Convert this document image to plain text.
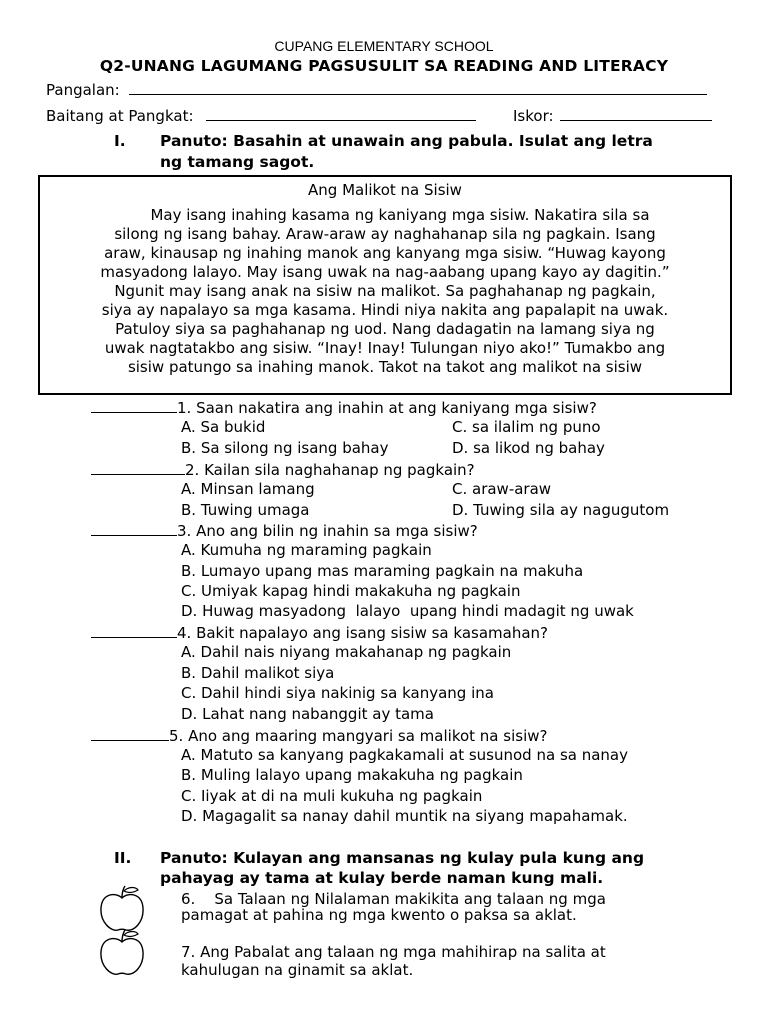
CUPANG ELEMENTARY SCHOOL
Q2-UNANG LAGUMANG PAGSUSULIT SA READING AND LITERACY
Pangalan:
Baitang at Pangkat:	Iskor:
I. Panuto: Basahin at unawain ang pabula. Isulat ang letra
ng tamang sagot.
Ang Malikot na Sisiw
May isang inahing kasama ng kaniyang mga sisiw. Nakatira sila sa
silong ng isang bahay. Araw-araw ay naghahanap sila ng pagkain. Isang
araw, kinausap ng inahing manok ang kanyang mga sisiw. “Huwag kayong
masyadong lalayo. May isang uwak na nag-aabang upang kayo ay dagitin.”
Ngunit may isang anak na sisiw na malikot. Sa paghahanap ng pagkain,
siya ay napalayo sa mga kasama. Hindi niya nakita ang papalapit na uwak.
Patuloy siya sa paghahanap ng uod. Nang dadagatin na lamang siya ng
uwak nagtatakbo ang sisiw. “Inay! Inay! Tulungan niyo ako!” Tumakbo ang
sisiw patungo sa inahing manok. Takot na takot ang malikot na sisiw
1. Saan nakatira ang inahin at ang kaniyang mga sisiw?
A. Sa bukid	C. sa ilalim ng puno
B. Sa silong ng isang bahay	D. sa likod ng bahay
2. Kailan sila naghahanap ng pagkain?
A. Minsan lamang	C. araw-araw
B. Tuwing umaga	D. Tuwing sila ay nagugutom
3. Ano ang bilin ng inahin sa mga sisiw?
A. Kumuha ng maraming pagkain
B. Lumayo upang mas maraming pagkain na makuha
C. Umiyak kapag hindi makakuha ng pagkain
D. Huwag masyadong  lalayo  upang hindi madagit ng uwak
4. Bakit napalayo ang isang sisiw sa kasamahan?
A. Dahil nais niyang makahanap ng pagkain
B. Dahil malikot siya
C. Dahil hindi siya nakinig sa kanyang ina
D. Lahat nang nabanggit ay tama
5. Ano ang maaring mangyari sa malikot na sisiw?
A. Matuto sa kanyang pagkakamali at susunod na sa nanay
B. Muling lalayo upang makakuha ng pagkain
C. Iiyak at di na muli kukuha ng pagkain
D. Magagalit sa nanay dahil muntik na siyang mapahamak.
II. Panuto: Kulayan ang mansanas ng kulay pula kung ang
pahayag ay tama at kulay berde naman kung mali.
6.    Sa Talaan ng Nilalaman makikita ang talaan ng mga
pamagat at pahina ng mga kwento o paksa sa aklat.
7. Ang Pabalat ang talaan ng mga mahihirap na salita at
kahulugan na ginamit sa aklat.
